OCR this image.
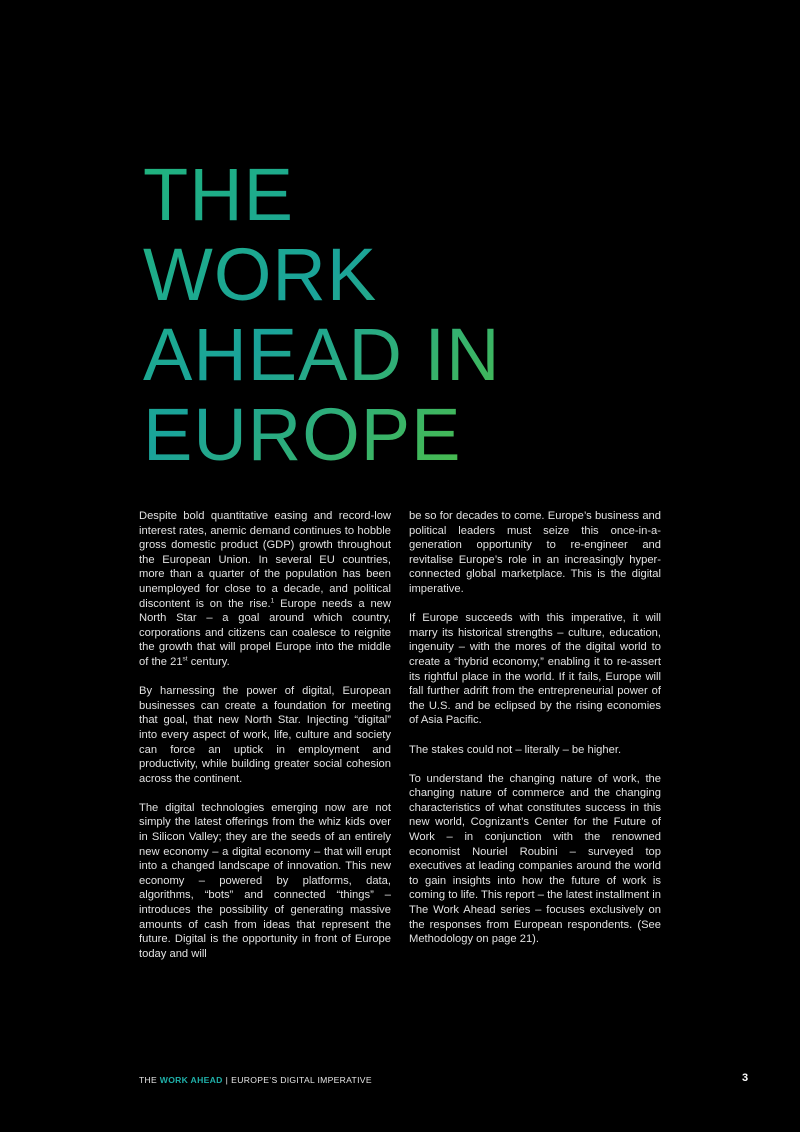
THE
WORK
AHEAD IN
EUROPE

Despite bold quantitative easing and record-low interest rates, anemic demand continues to hobble gross domestic product (GDP) growth throughout the European Union. In several EU countries, more than a quarter of the population has been unemployed for close to a decade, and political discontent is on the rise.$^1$ Europe needs a new North Star – a goal around which country, corporations and citizens can coalesce to reignite the growth that will propel Europe into the middle of the 21st century.

By harnessing the power of digital, European businesses can create a foundation for meeting that goal, that new North Star. Injecting “digital” into every aspect of work, life, culture and society can force an uptick in employment and productivity, while building greater social cohesion across the continent.

The digital technologies emerging now are not simply the latest offerings from the whiz kids over in Silicon Valley; they are the seeds of an entirely new economy – a digital economy – that will erupt into a changed landscape of innovation. This new economy – powered by platforms, data, algorithms, “bots” and connected “things” – introduces the possibility of generating massive amounts of cash from ideas that represent the future. Digital is the opportunity in front of Europe today and will

be so for decades to come. Europe’s business and political leaders must seize this once-in-a-generation opportunity to re-engineer and revitalise Europe’s role in an increasingly hyper-connected global marketplace. This is the digital imperative.

If Europe succeeds with this imperative, it will marry its historical strengths – culture, education, ingenuity – with the mores of the digital world to create a “hybrid economy,” enabling it to re-assert its rightful place in the world. If it fails, Europe will fall further adrift from the entrepreneurial power of the U.S. and be eclipsed by the rising economies of Asia Pacific.

The stakes could not – literally – be higher.

To understand the changing nature of work, the changing nature of commerce and the changing characteristics of what constitutes success in this new world, Cognizant’s Center for the Future of Work – in conjunction with the renowned economist Nouriel Roubini – surveyed top executives at leading companies around the world to gain insights into how the future of work is coming to life. This report – the latest installment in The Work Ahead series – focuses exclusively on the responses from European respondents. (See Methodology on page 21).

THE WORK AHEAD | EUROPE’S DIGITAL IMPERATIVE	3
